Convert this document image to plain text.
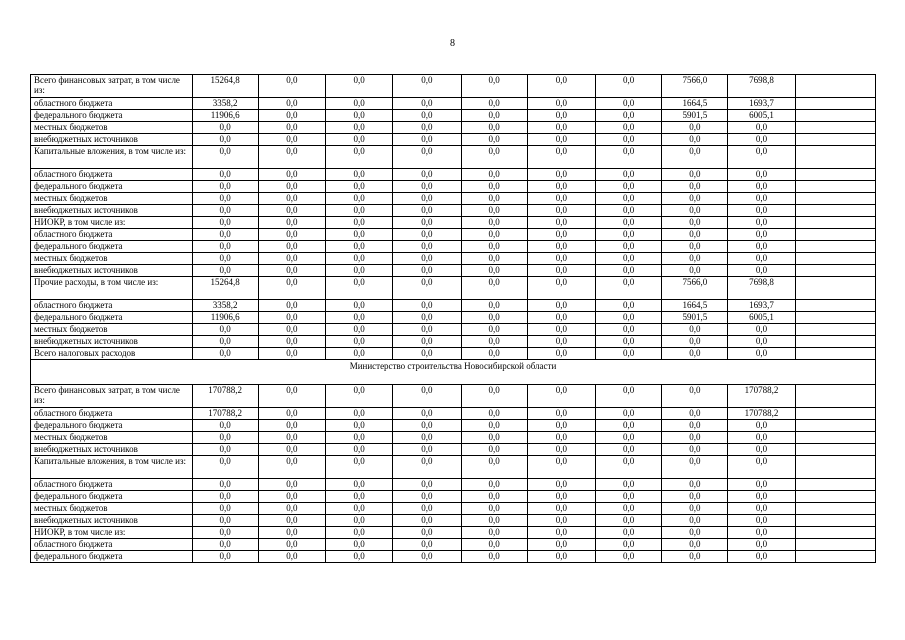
8
Всего финансовых затрат, в том числе из:	15264,8	0,0	0,0	0,0	0,0	0,0	0,0	7566,0	7698,8	
областного бюджета	3358,2	0,0	0,0	0,0	0,0	0,0	0,0	1664,5	1693,7	
федерального бюджета	11906,6	0,0	0,0	0,0	0,0	0,0	0,0	5901,5	6005,1	
местных бюджетов	0,0	0,0	0,0	0,0	0,0	0,0	0,0	0,0	0,0	
внебюджетных источников	0,0	0,0	0,0	0,0	0,0	0,0	0,0	0,0	0,0	
Капитальные вложения, в том числе из:	0,0	0,0	0,0	0,0	0,0	0,0	0,0	0,0	0,0	
областного бюджета	0,0	0,0	0,0	0,0	0,0	0,0	0,0	0,0	0,0	
федерального бюджета	0,0	0,0	0,0	0,0	0,0	0,0	0,0	0,0	0,0	
местных бюджетов	0,0	0,0	0,0	0,0	0,0	0,0	0,0	0,0	0,0	
внебюджетных источников	0,0	0,0	0,0	0,0	0,0	0,0	0,0	0,0	0,0	
НИОКР, в том числе из:	0,0	0,0	0,0	0,0	0,0	0,0	0,0	0,0	0,0	
областного бюджета	0,0	0,0	0,0	0,0	0,0	0,0	0,0	0,0	0,0	
федерального бюджета	0,0	0,0	0,0	0,0	0,0	0,0	0,0	0,0	0,0	
местных бюджетов	0,0	0,0	0,0	0,0	0,0	0,0	0,0	0,0	0,0	
внебюджетных источников	0,0	0,0	0,0	0,0	0,0	0,0	0,0	0,0	0,0	
Прочие расходы, в том числе из:	15264,8	0,0	0,0	0,0	0,0	0,0	0,0	7566,0	7698,8	
областного бюджета	3358,2	0,0	0,0	0,0	0,0	0,0	0,0	1664,5	1693,7	
федерального бюджета	11906,6	0,0	0,0	0,0	0,0	0,0	0,0	5901,5	6005,1	
местных бюджетов	0,0	0,0	0,0	0,0	0,0	0,0	0,0	0,0	0,0	
внебюджетных источников	0,0	0,0	0,0	0,0	0,0	0,0	0,0	0,0	0,0	
Всего налоговых расходов	0,0	0,0	0,0	0,0	0,0	0,0	0,0	0,0	0,0	
Министерство строительства Новосибирской области										
Всего финансовых затрат, в том числе из:	170788,2	0,0	0,0	0,0	0,0	0,0	0,0	0,0	170788,2	
областного бюджета	170788,2	0,0	0,0	0,0	0,0	0,0	0,0	0,0	170788,2	
федерального бюджета	0,0	0,0	0,0	0,0	0,0	0,0	0,0	0,0	0,0	
местных бюджетов	0,0	0,0	0,0	0,0	0,0	0,0	0,0	0,0	0,0	
внебюджетных источников	0,0	0,0	0,0	0,0	0,0	0,0	0,0	0,0	0,0	
Капитальные вложения, в том числе из:	0,0	0,0	0,0	0,0	0,0	0,0	0,0	0,0	0,0	
областного бюджета	0,0	0,0	0,0	0,0	0,0	0,0	0,0	0,0	0,0	
федерального бюджета	0,0	0,0	0,0	0,0	0,0	0,0	0,0	0,0	0,0	
местных бюджетов	0,0	0,0	0,0	0,0	0,0	0,0	0,0	0,0	0,0	
внебюджетных источников	0,0	0,0	0,0	0,0	0,0	0,0	0,0	0,0	0,0	
НИОКР, в том числе из:	0,0	0,0	0,0	0,0	0,0	0,0	0,0	0,0	0,0	
областного бюджета	0,0	0,0	0,0	0,0	0,0	0,0	0,0	0,0	0,0	
федерального бюджета	0,0	0,0	0,0	0,0	0,0	0,0	0,0	0,0	0,0	
